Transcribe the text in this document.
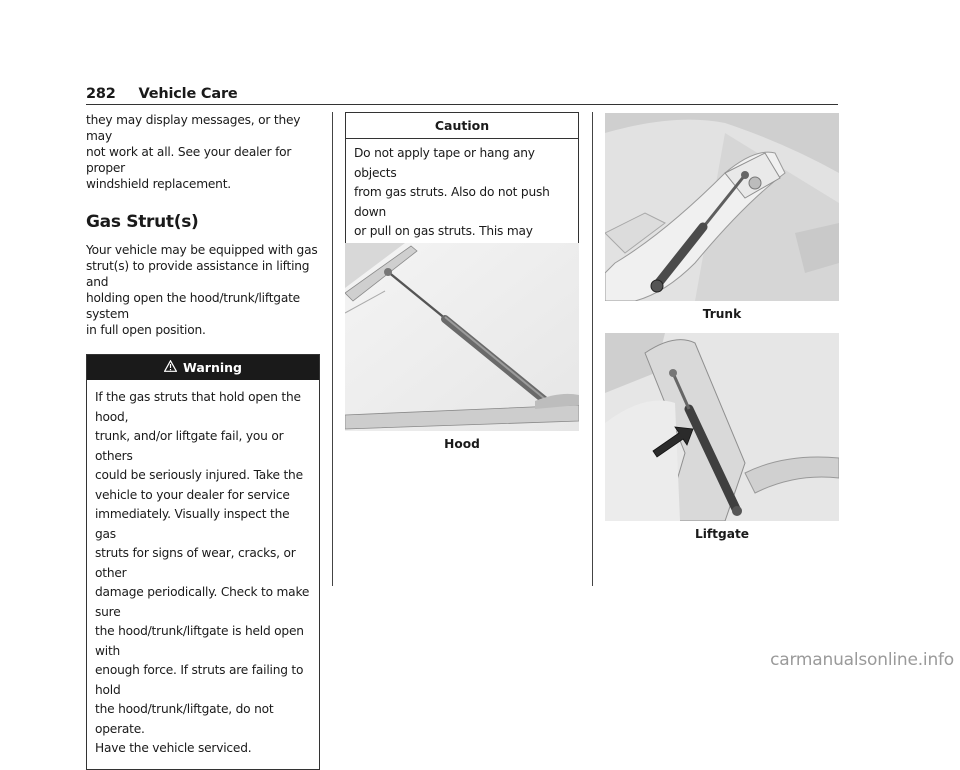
282 Vehicle Care

they may display messages, or they may

not work at all. See your dealer for proper

windshield replacement.

Gas Strut(s)

Your vehicle may be equipped with gas

strut(s) to provide assistance in lifting and

holding open the hood/trunk/liftgate system

in full open position.

Warning
If the gas struts that hold open the hood,
trunk, and/or liftgate fail, you or others
could be seriously injured. Take the
vehicle to your dealer for service
immediately. Visually inspect the gas
struts for signs of wear, cracks, or other
damage periodically. Check to make sure
the hood/trunk/liftgate is held open with
enough force. If struts are failing to hold
the hood/trunk/liftgate, do not operate.
Have the vehicle serviced.
Caution
Do not apply tape or hang any objects
from gas struts. Also do not push down
or pull on gas struts. This may

Hood
Trunk
Liftgate
carmanualsonline.info
